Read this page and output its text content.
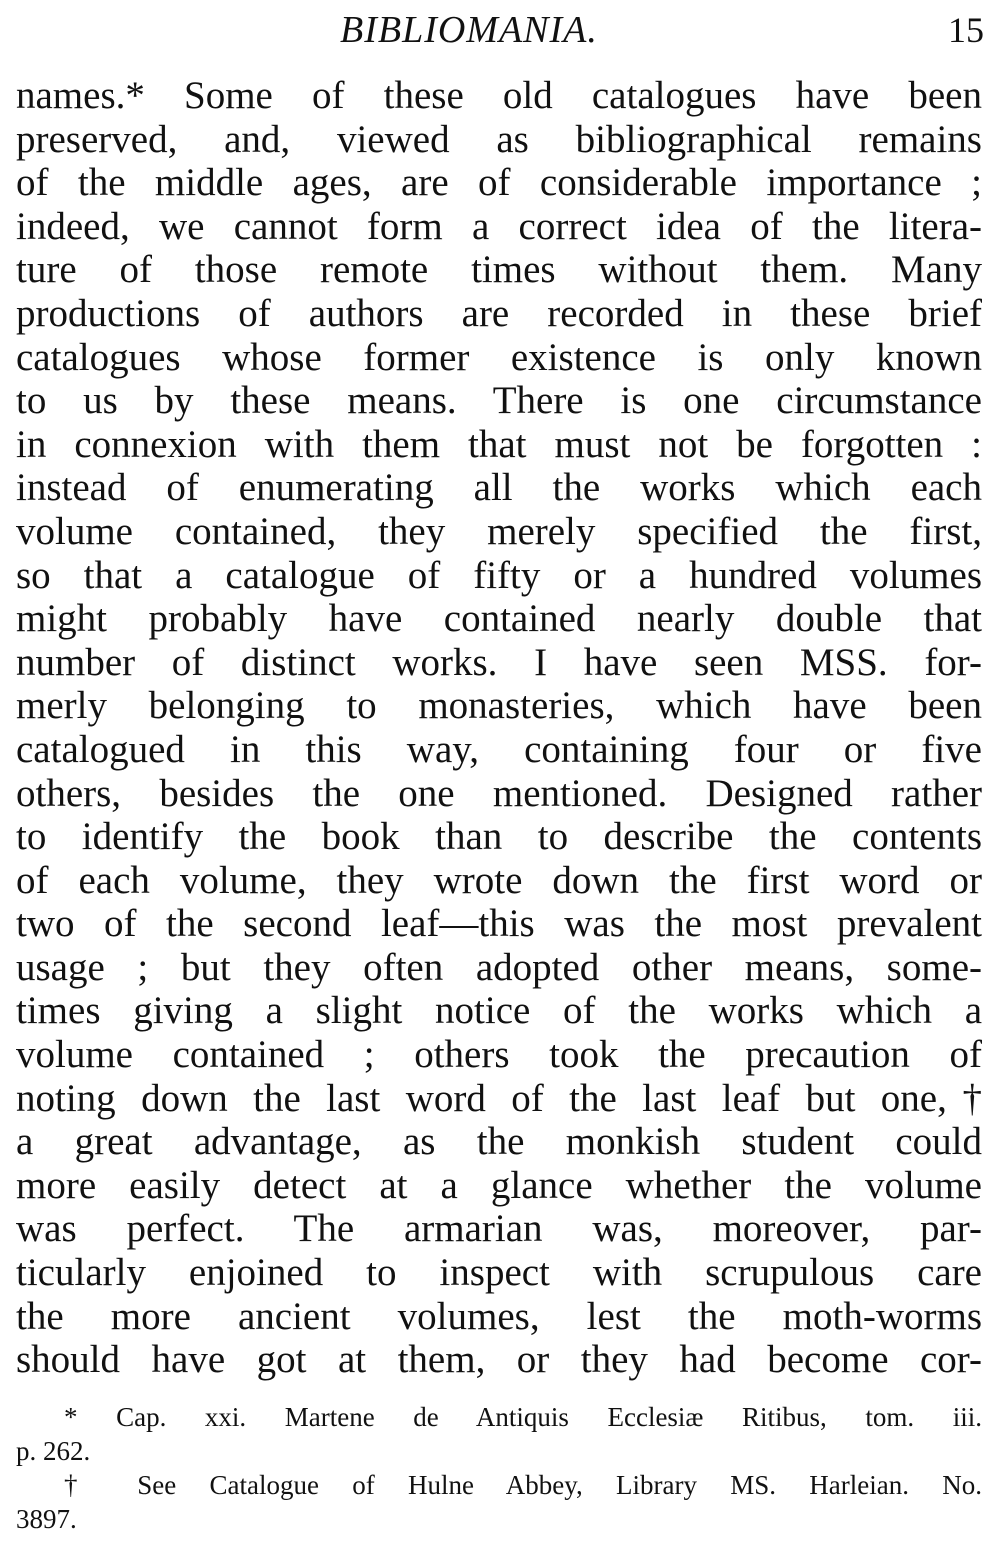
BIBLIOMANIA.	15
names.* Some of these old catalogues have been
preserved, and, viewed as bibliographical remains
of the middle ages, are of considerable importance ;
indeed, we cannot form a correct idea of the litera-
ture of those remote times without them. Many
productions of authors are recorded in these brief
catalogues whose former existence is only known
to us by these means. There is one circumstance
in connexion with them that must not be forgotten :
instead of enumerating all the works which each
volume contained, they merely specified the first,
so that a catalogue of fifty or a hundred volumes
might probably have contained nearly double that
number of distinct works. I have seen MSS. for-
merly belonging to monasteries, which have been
catalogued in this way, containing four or five
others, besides the one mentioned. Designed rather
to identify the book than to describe the contents
of each volume, they wrote down the first word or
two of the second leaf—this was the most prevalent
usage ; but they often adopted other means, some-
times giving a slight notice of the works which a
volume contained ; others took the precaution of
noting down the last word of the last leaf but one,†
a great advantage, as the monkish student could
more easily detect at a glance whether the volume
was perfect. The armarian was, moreover, par-
ticularly enjoined to inspect with scrupulous care
the more ancient volumes, lest the moth-worms
should have got at them, or they had become cor-
* Cap. xxi. Martene de Antiquis Ecclesiæ Ritibus, tom. iii.
p. 262.
† See Catalogue of Hulne Abbey, Library MS. Harleian. No.
3897.
